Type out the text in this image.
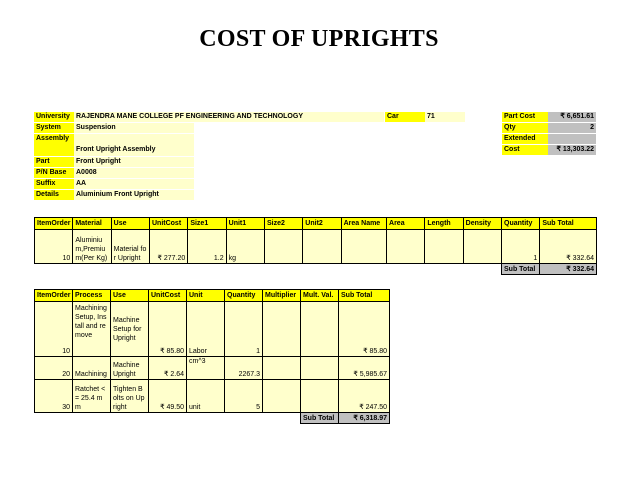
COST OF UPRIGHTS
University RAJENDRA MANE COLLEGE PF ENGINEERING AND TECHNOLOGY
System	Suspension
Assembly
Front Upright Assembly
Part	Front Upright
P/N Base	A0008
Suffix	AA
Details	Aluminium Front Upright
Car	71	Part Cost	₹ 6,651.61
Qty	2
Extended
Cost	₹ 13,303.22
ItemOrder	Material	Use	UnitCost	Size1	Unit1	Size2	Unit2	Area Name	Area	Length	Density	Quantity	Sub Total
10	Aluminium,Premium(Per Kg)	Material for Upright	₹ 277.20	1.2	kg							1	₹ 332.64
												Sub Total	₹ 332.64
ItemOrder	Process	Use	UnitCost	Unit	Quantity	Multiplier	Mult. Val.	Sub Total
10	Machining Setup, Install and remove	Machine Setup for Upright	₹ 85.80	Labor	1			₹ 85.80
20	Machining	Machine Upright	₹ 2.64	cm^3	2267.3			₹ 5,985.67
30	Ratchet <= 25.4 mm	Tighten Bolts on Upright	₹ 49.50	unit	5			₹ 247.50
							Sub Total	₹ 6,318.97
